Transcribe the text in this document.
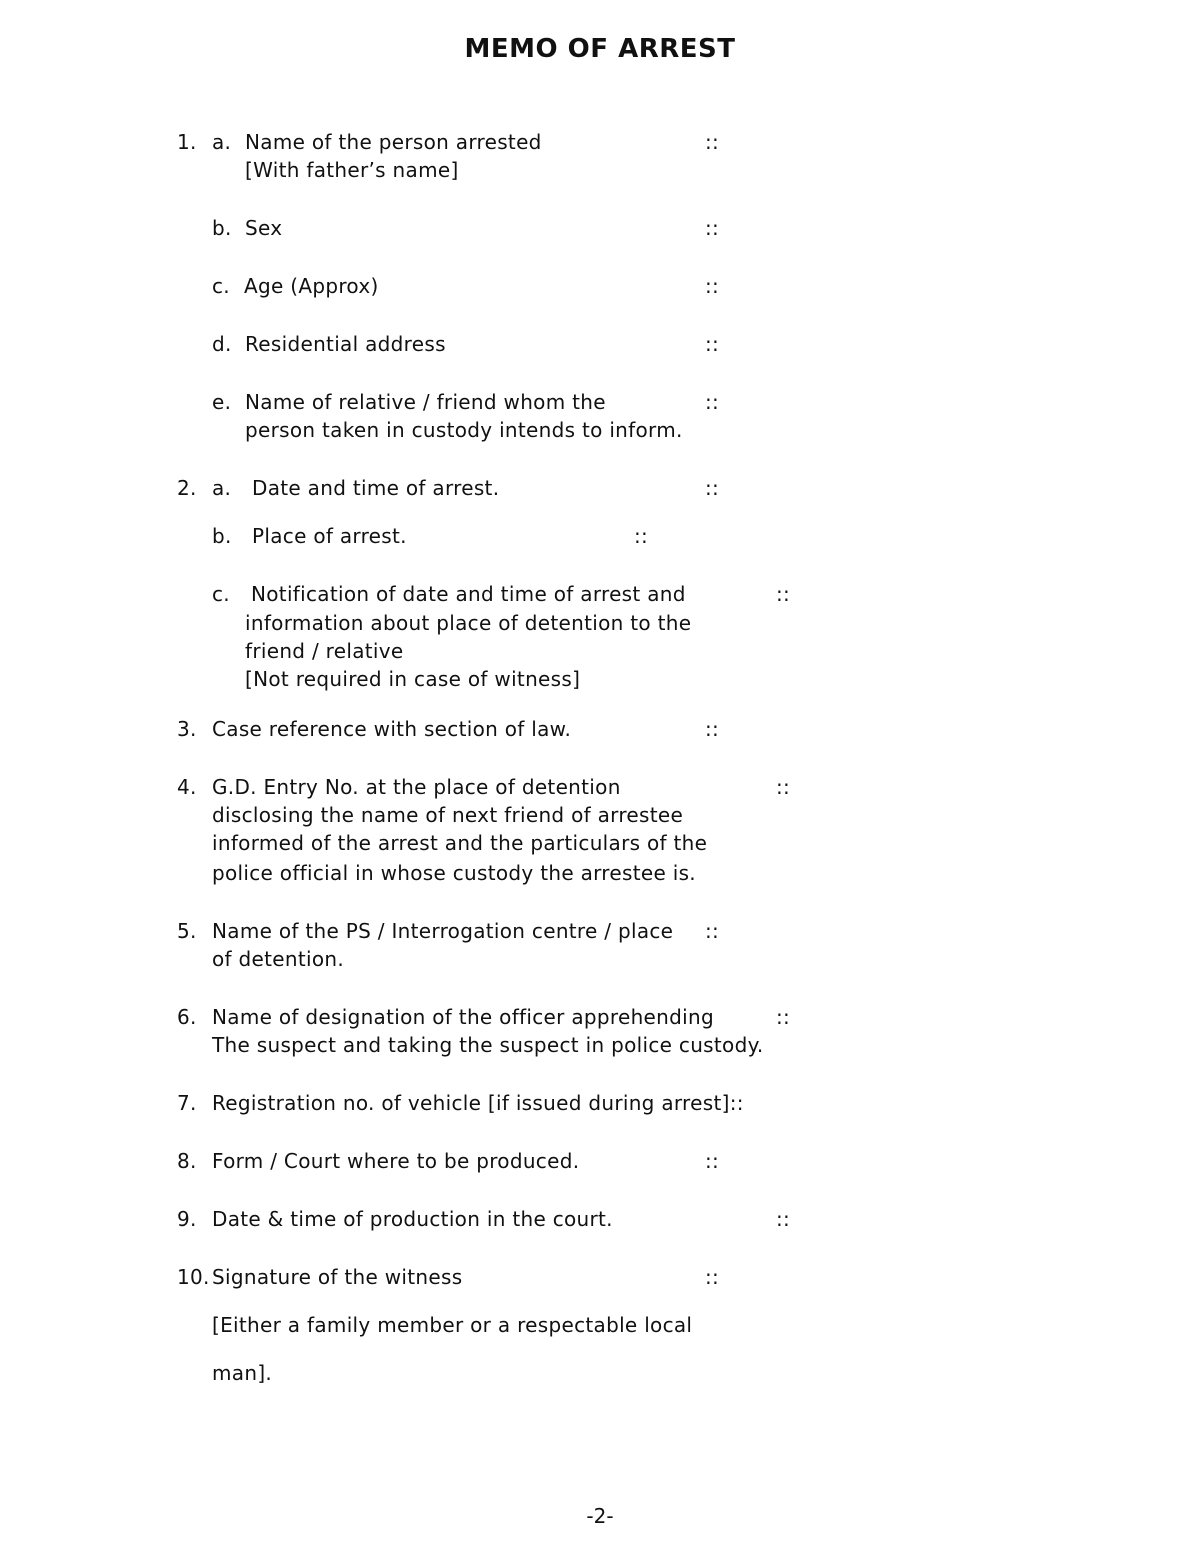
MEMO OF ARREST
1. a. Name of the person arrested
[With father’s name]
::
b. Sex	::
c. Age (Approx)	::
d. Residential address	::
e. Name of relative / friend whom the
person taken in custody intends to inform.
::
2. a. Date and time of arrest.	::
b. Place of arrest.	::
c. Notification of date and time of arrest and
information about place of detention to the
friend / relative
[Not required in case of witness]
::
3. Case reference with section of law.	::
4. G.D. Entry No. at the place of detention
disclosing the name of next friend of arrestee
informed of the arrest and the particulars of the
police official in whose custody the arrestee is.
::
5. Name of the PS / Interrogation centre / place
of detention.
::
6. Name of designation of the officer apprehending
The suspect and taking the suspect in police custody.
::
7. Registration no. of vehicle [if issued during arrest]::
8. Form / Court where to be produced.	::
9. Date & time of production in the court.	::
10. Signature of the witness	::
[Either a family member or a respectable local
man].
-2-
